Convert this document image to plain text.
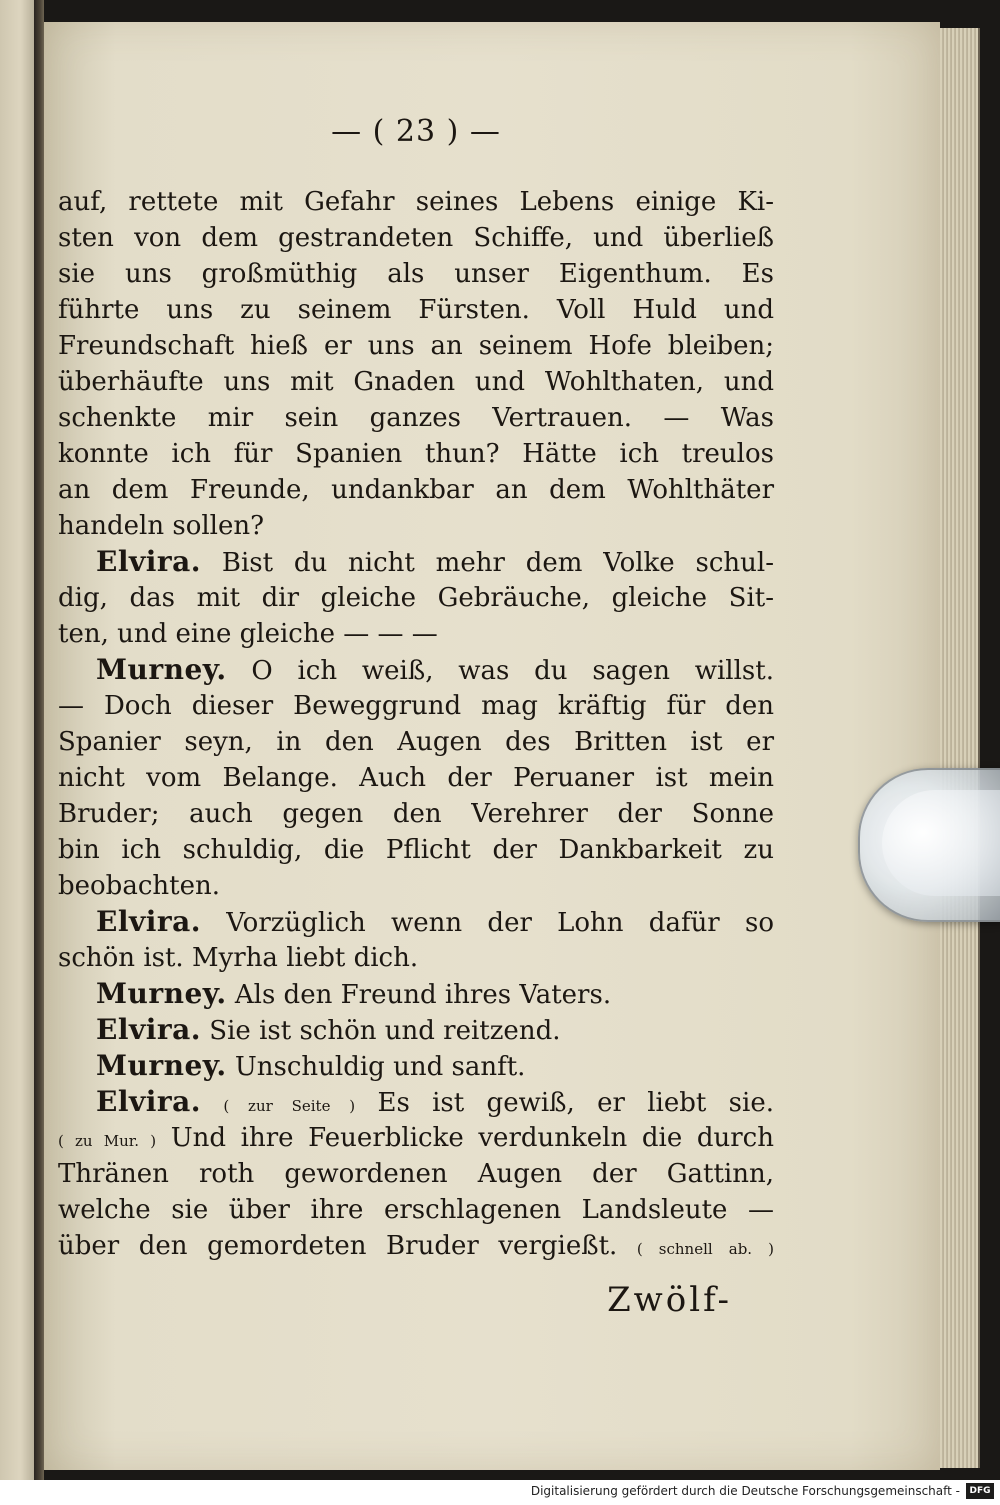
— ( 23 ) —
auf, rettete mit Gefahr seines Lebens einige Ki-
sten von dem gestrandeten Schiffe, und überließ
sie uns großmüthig als unser Eigenthum. Es
führte uns zu seinem Fürsten. Voll Huld und
Freundschaft hieß er uns an seinem Hofe bleiben;
überhäufte uns mit Gnaden und Wohlthaten, und
schenkte mir sein ganzes Vertrauen. — Was
konnte ich für Spanien thun? Hätte ich treulos
an dem Freunde, undankbar an dem Wohlthäter
handeln sollen?
Elvira. Bist du nicht mehr dem Volke schul-
dig, das mit dir gleiche Gebräuche, gleiche Sit-
ten, und eine gleiche — — —
Murney. O ich weiß, was du sagen willst.
— Doch dieser Beweggrund mag kräftig für den
Spanier seyn, in den Augen des Britten ist er
nicht vom Belange. Auch der Peruaner ist mein
Bruder; auch gegen den Verehrer der Sonne
bin ich schuldig, die Pflicht der Dankbarkeit zu
beobachten.
Elvira. Vorzüglich wenn der Lohn dafür so
schön ist. Myrha liebt dich.
Murney. Als den Freund ihres Vaters.
Elvira. Sie ist schön und reitzend.
Murney. Unschuldig und sanft.
Elvira. ( zur Seite ) Es ist gewiß, er liebt sie.
( zu Mur. ) Und ihre Feuerblicke verdunkeln die durch
Thränen roth gewordenen Augen der Gattinn,
welche sie über ihre erschlagenen Landsleute —
über den gemordeten Bruder vergießt. ( schnell ab. )
Zwölf-
Digitalisierung gefördert durch die Deutsche Forschungsgemeinschaft -	DFG
